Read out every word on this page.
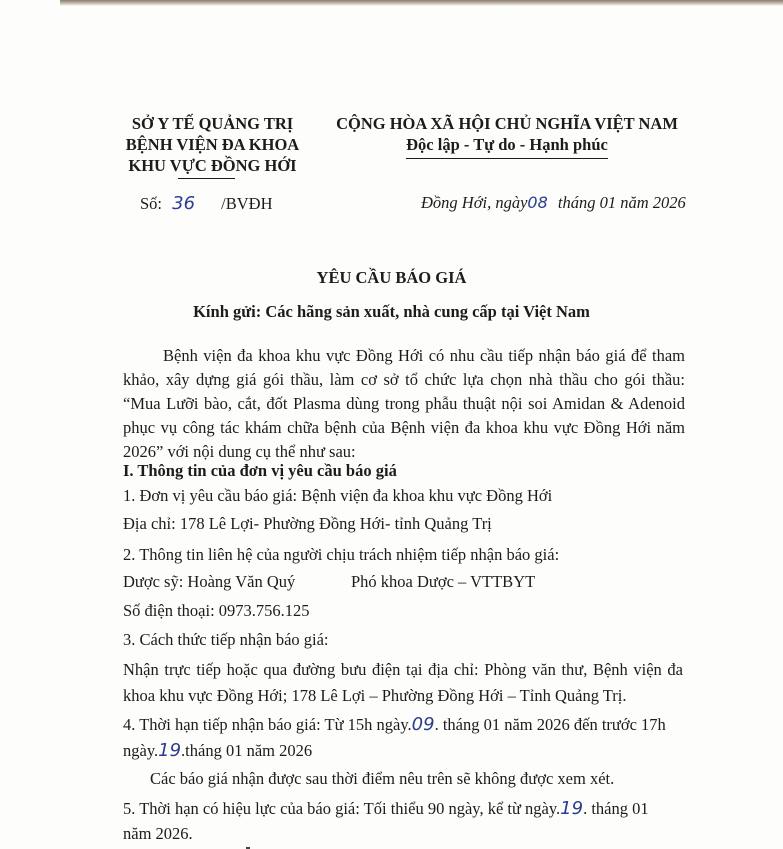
SỞ Y TẾ QUẢNG TRỊ
BỆNH VIỆN ĐA KHOA
KHU VỰC ĐỒNG HỚI
CỘNG HÒA XÃ HỘI CHỦ NGHĨA VIỆT NAM
Độc lập - Tự do - Hạnh phúc
Số: 36 /BVĐH	Đồng Hới, ngày08 tháng 01 năm 2026
YÊU CẦU BÁO GIÁ
Kính gửi: Các hãng sản xuất, nhà cung cấp tại Việt Nam
Bệnh viện đa khoa khu vực Đồng Hới có nhu cầu tiếp nhận báo giá để tham khảo, xây dựng giá gói thầu, làm cơ sở tổ chức lựa chọn nhà thầu cho gói thầu: “Mua Lưỡi bào, cắt, đốt Plasma dùng trong phẫu thuật nội soi Amidan & Adenoid phục vụ công tác khám chữa bệnh của Bệnh viện đa khoa khu vực Đồng Hới năm 2026” với nội dung cụ thể như sau:
I. Thông tin của đơn vị yêu cầu báo giá
1. Đơn vị yêu cầu báo giá: Bệnh viện đa khoa khu vực Đồng Hới
Địa chỉ: 178 Lê Lợi- Phường Đồng Hới- tỉnh Quảng Trị
2. Thông tin liên hệ của người chịu trách nhiệm tiếp nhận báo giá:
Dược sỹ: Hoàng Văn Quý	Phó khoa Dược – VTTBYT
Số điện thoại: 0973.756.125
3. Cách thức tiếp nhận báo giá:
Nhận trực tiếp hoặc qua đường bưu điện tại địa chỉ: Phòng văn thư, Bệnh viện đa khoa khu vực Đồng Hới; 178 Lê Lợi – Phường Đồng Hới – Tỉnh Quảng Trị.
4. Thời hạn tiếp nhận báo giá: Từ 15h ngày.09. tháng 01 năm 2026 đến trước 17h
ngày.19.tháng 01 năm 2026
Các báo giá nhận được sau thời điểm nêu trên sẽ không được xem xét.
5. Thời hạn có hiệu lực của báo giá: Tối thiểu 90 ngày, kể từ ngày.19. tháng 01
năm 2026.
